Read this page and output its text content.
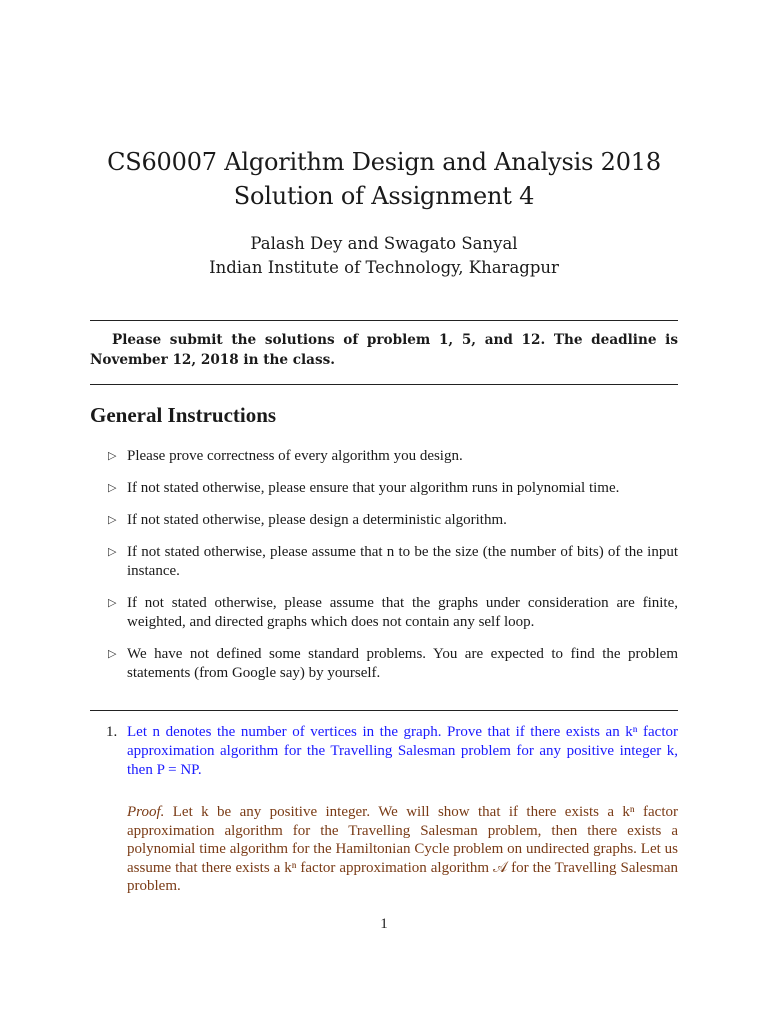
CS60007 Algorithm Design and Analysis 2018
Solution of Assignment 4
Palash Dey and Swagato Sanyal
Indian Institute of Technology, Kharagpur
Please submit the solutions of problem 1, 5, and 12. The deadline is November 12, 2018 in the class.
General Instructions
▷ Please prove correctness of every algorithm you design.
▷ If not stated otherwise, please ensure that your algorithm runs in polynomial time.
▷ If not stated otherwise, please design a deterministic algorithm.
▷ If not stated otherwise, please assume that n to be the size (the number of bits) of the input instance.
▷ If not stated otherwise, please assume that the graphs under consideration are finite, weighted, and directed graphs which does not contain any self loop.
▷ We have not defined some standard problems. You are expected to find the problem statements (from Google say) by yourself.
1. Let n denotes the number of vertices in the graph. Prove that if there exists an kⁿ factor approximation algorithm for the Travelling Salesman problem for any positive integer k, then P = NP.
Proof. Let k be any positive integer. We will show that if there exists a kⁿ factor approximation algorithm for the Travelling Salesman problem, then there exists a polynomial time algorithm for the Hamiltonian Cycle problem on undirected graphs. Let us assume that there exists a kⁿ factor approximation algorithm 𝒜 for the Travelling Salesman problem.
1
